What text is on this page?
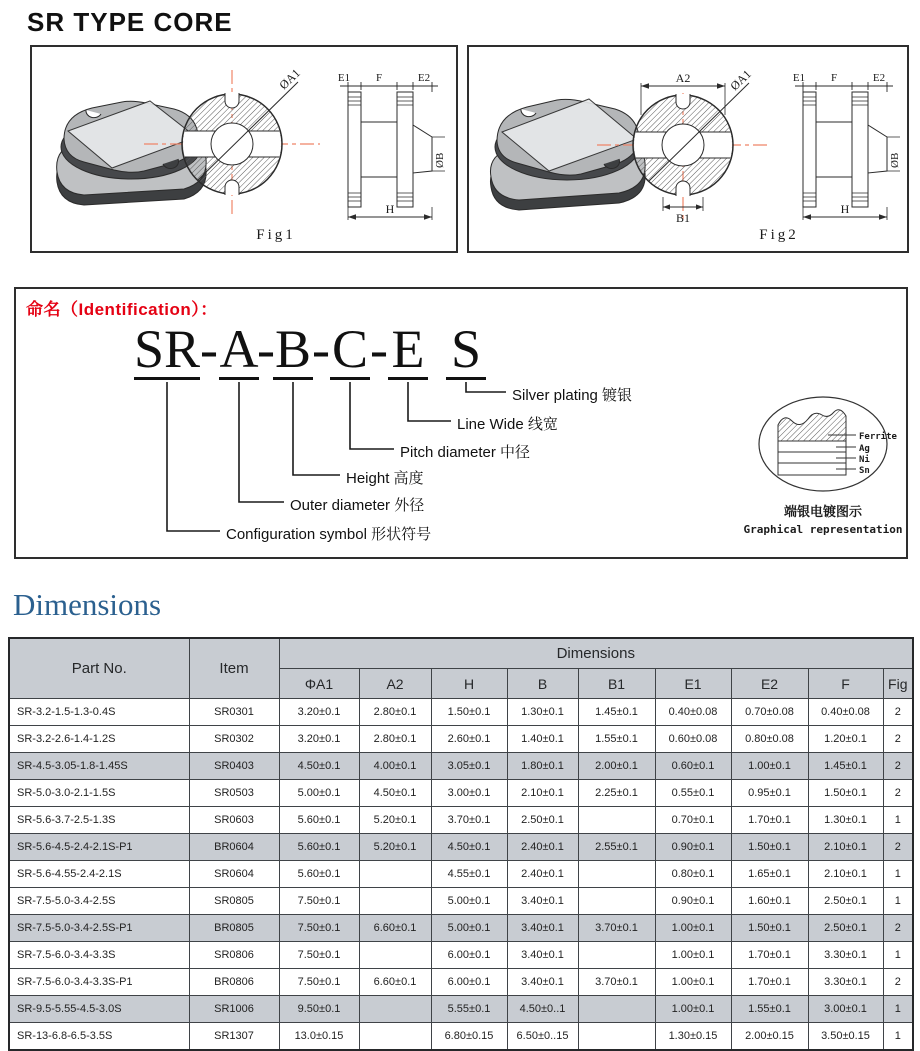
SR TYPE CORE
ØA1	E1 F	E2
ØB
H
Fig1
ØA1
A2
B1
E1 F	E2
ØB
H
Fig2
Ferrite
Ag
Ni
Sn
端银电镀图示
Graphical representation
命名（Identification）：
SR - A
- B - C - E S
Silver plating 镀银
Line Wide 线宽
Pitch diameter 中径
Height 高度
Outer diameter 外径
Configuration symbol 形状符号
Dimensions
Part No.	Item	Dimensions								
		ΦA1	A2	H	B	B1	E1	E2	F	Fig
SR-3.2-1.5-1.3-0.4S	SR0301	3.20±0.1	2.80±0.1	1.50±0.1	1.30±0.1	1.45±0.1	0.40±0.08	0.70±0.08	0.40±0.08	2
SR-3.2-2.6-1.4-1.2S	SR0302	3.20±0.1	2.80±0.1	2.60±0.1	1.40±0.1	1.55±0.1	0.60±0.08	0.80±0.08	1.20±0.1	2
SR-4.5-3.05-1.8-1.45S	SR0403	4.50±0.1	4.00±0.1	3.05±0.1	1.80±0.1	2.00±0.1	0.60±0.1	1.00±0.1	1.45±0.1	2
SR-5.0-3.0-2.1-1.5S	SR0503	5.00±0.1	4.50±0.1	3.00±0.1	2.10±0.1	2.25±0.1	0.55±0.1	0.95±0.1	1.50±0.1	2
SR-5.6-3.7-2.5-1.3S	SR0603	5.60±0.1	5.20±0.1	3.70±0.1	2.50±0.1		0.70±0.1	1.70±0.1	1.30±0.1	1
SR-5.6-4.5-2.4-2.1S-P1	BR0604	5.60±0.1	5.20±0.1	4.50±0.1	2.40±0.1	2.55±0.1	0.90±0.1	1.50±0.1	2.10±0.1	2
SR-5.6-4.55-2.4-2.1S	SR0604	5.60±0.1		4.55±0.1	2.40±0.1		0.80±0.1	1.65±0.1	2.10±0.1	1
SR-7.5-5.0-3.4-2.5S	SR0805	7.50±0.1		5.00±0.1	3.40±0.1		0.90±0.1	1.60±0.1	2.50±0.1	1
SR-7.5-5.0-3.4-2.5S-P1	BR0805	7.50±0.1	6.60±0.1	5.00±0.1	3.40±0.1	3.70±0.1	1.00±0.1	1.50±0.1	2.50±0.1	2
SR-7.5-6.0-3.4-3.3S	SR0806	7.50±0.1		6.00±0.1	3.40±0.1		1.00±0.1	1.70±0.1	3.30±0.1	1
SR-7.5-6.0-3.4-3.3S-P1	BR0806	7.50±0.1	6.60±0.1	6.00±0.1	3.40±0.1	3.70±0.1	1.00±0.1	1.70±0.1	3.30±0.1	2
SR-9.5-5.55-4.5-3.0S	SR1006	9.50±0.1		5.55±0.1	4.50±0..1		1.00±0.1	1.55±0.1	3.00±0.1	1
SR-13-6.8-6.5-3.5S	SR1307	13.0±0.15		6.80±0.15	6.50±0..15		1.30±0.15	2.00±0.15	3.50±0.15	1
